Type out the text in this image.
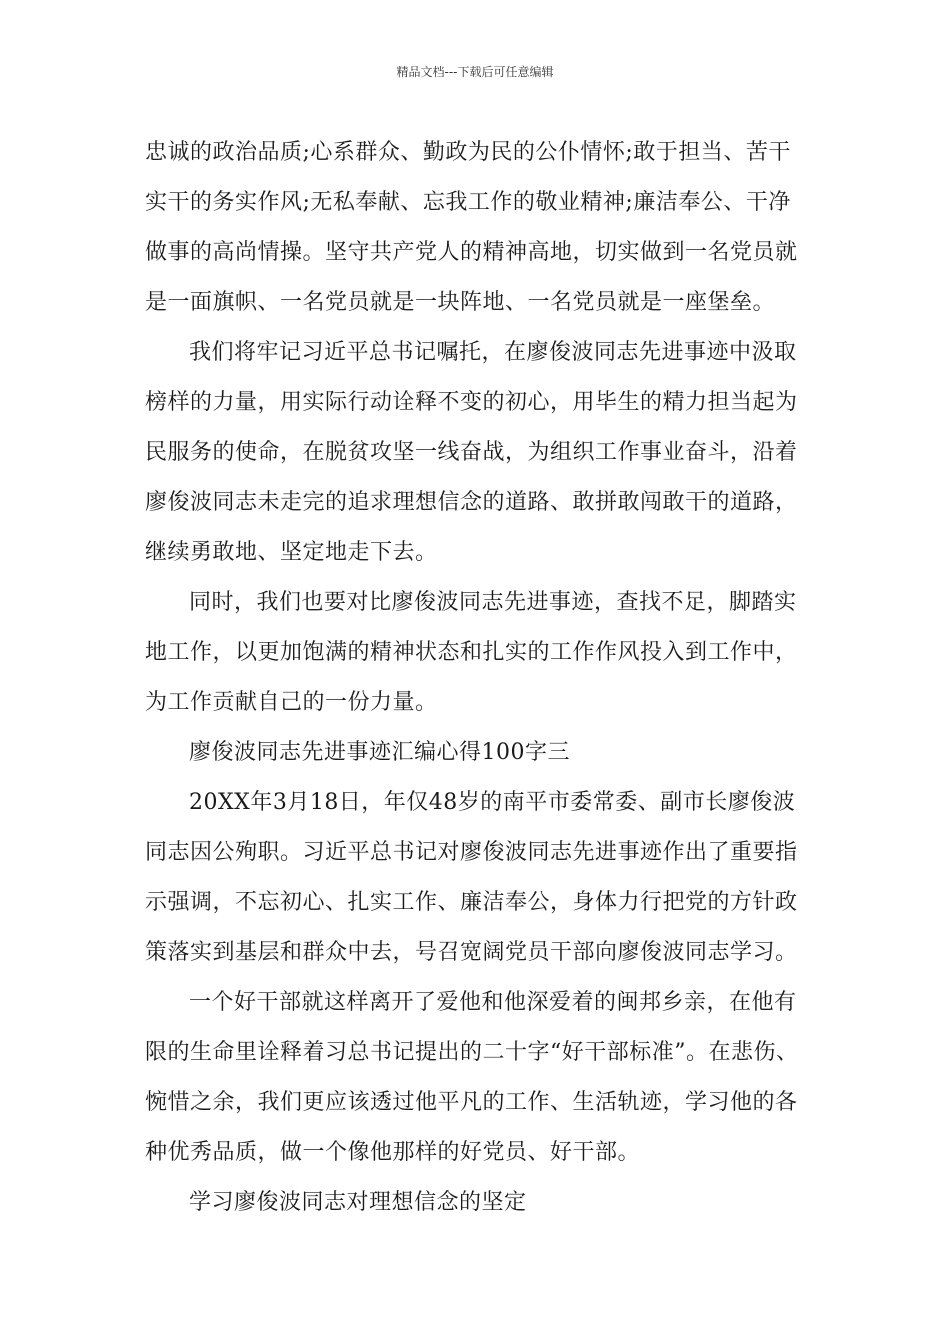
精品文档---下载后可任意编辑
忠诚的政治品质;心系群众、勤政为民的公仆情怀;敢于担当、苦干
实干的务实作风;无私奉献、忘我工作的敬业精神;廉洁奉公、干净
做事的高尚情操。坚守共产党人的精神高地，切实做到一名党员就
是一面旗帜、一名党员就是一块阵地、一名党员就是一座堡垒。
我们将牢记习近平总书记嘱托，在廖俊波同志先进事迹中汲取
榜样的力量，用实际行动诠释不变的初心，用毕生的精力担当起为
民服务的使命，在脱贫攻坚一线奋战，为组织工作事业奋斗，沿着
廖俊波同志未走完的追求理想信念的道路、敢拼敢闯敢干的道路，
继续勇敢地、坚定地走下去。
同时，我们也要对比廖俊波同志先进事迹，查找不足，脚踏实
地工作，以更加饱满的精神状态和扎实的工作作风投入到工作中，
为工作贡献自己的一份力量。
廖俊波同志先进事迹汇编心得100字三
20XX年3月18日，年仅48岁的南平市委常委、副市长廖俊波
同志因公殉职。习近平总书记对廖俊波同志先进事迹作出了重要指
示强调，不忘初心、扎实工作、廉洁奉公，身体力行把党的方针政
策落实到基层和群众中去，号召宽阔党员干部向廖俊波同志学习。
一个好干部就这样离开了爱他和他深爱着的闽邦乡亲，在他有
限的生命里诠释着习总书记提出的二十字“好干部标准”。在悲伤、
惋惜之余，我们更应该透过他平凡的工作、生活轨迹，学习他的各
种优秀品质，做一个像他那样的好党员、好干部。
学习廖俊波同志对理想信念的坚定
